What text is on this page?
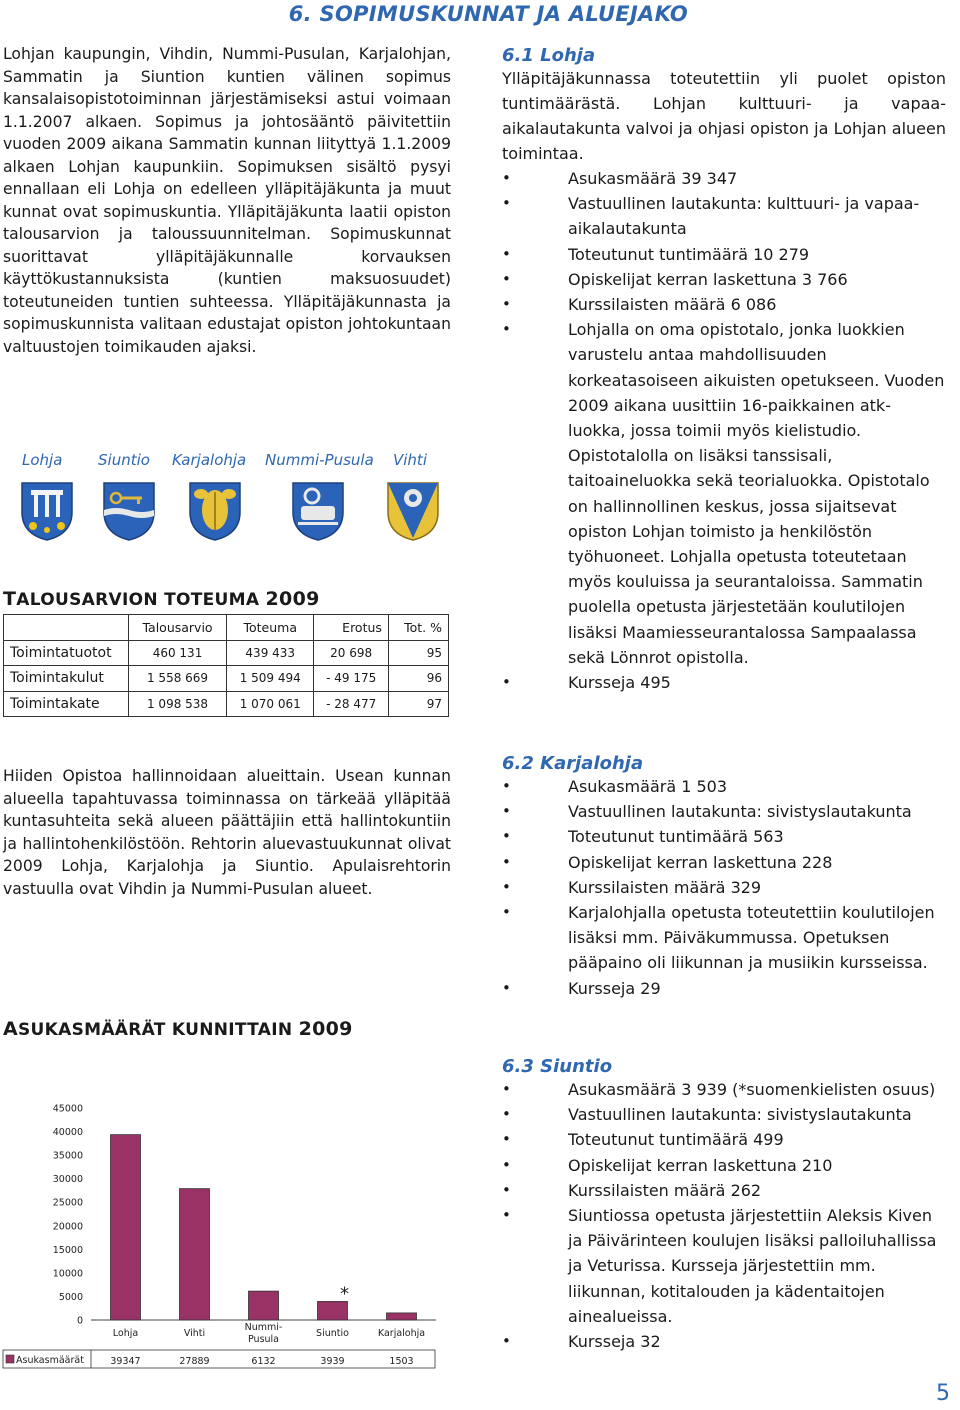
6. SOPIMUSKUNNAT JA ALUEJAKO
Lohjan kaupungin, Vihdin, Nummi-Pusulan, Karjalohjan, Sammatin ja Siuntion kuntien välinen sopimus kansalaisopistotoiminnan järjestämiseksi astui voimaan 1.1.2007 alkaen. Sopimus ja johtosääntö päivitettiin vuoden 2009 aikana Sammatin kunnan liityttyä 1.1.2009 alkaen Lohjan kaupunkiin. Sopimuksen sisältö pysyi ennallaan eli Lohja on edelleen ylläpitäjäkunta ja muut kunnat ovat sopimuskuntia. Ylläpitäjäkunta laatii opiston talousarvion ja taloussuunnitelman. Sopimuskunnat suorittavat ylläpitäjäkunnalle korvauksen käyttökustannuksista (kuntien maksuosuudet) toteutuneiden tuntien suhteessa. Ylläpitäjäkunnasta ja sopimuskunnista valitaan edustajat opiston johtokuntaan valtuustojen toimikauden ajaksi.
Lohja Siuntio Karjalohja Nummi-Pusula Vihti
TALOUSARVION TOTEUMA 2009
	Talousarvio	Toteuma	Erotus	Tot. %
Toimintatuotot	460 131	439 433	20 698	95
Toimintakulut	1 558 669	1 509 494	- 49 175	96
Toimintakate	1 098 538	1 070 061	- 28 477	97
Hiiden Opistoa hallinnoidaan alueittain. Usean kunnan alueella tapahtuvassa toiminnassa on tärkeää ylläpitää kuntasuhteita sekä alueen päättäjiin että hallintokuntiin ja hallintohenkilöstöön. Rehtorin aluevastuukunnat olivat 2009 Lohja, Karjalohja ja Siuntio. Apulaisrehtorin vastuulla ovat Vihdin ja Nummi-Pusulan alueet.
ASUKASMÄÄRÄT KUNNITTAIN 2009
0
5000
10000
15000
20000
25000
30000
35000
40000
45000
Lohja
39347
Vihti
27889
Nummi-Pusula
6132
Siuntio
3939
*
Karjalohja
1503
Asukasmäärät
6.1 Lohja
Ylläpitäjäkunnassa toteutettiin yli puolet opiston tuntimäärästä. Lohjan kulttuuri- ja vapaa-aikalautakunta valvoi ja ohjasi opiston ja Lohjan alueen toimintaa.
• Asukasmäärä 39 347
• Vastuullinen lautakunta: kulttuuri- ja vapaa- aikalautakunta
• Toteutunut tuntimäärä 10 279
• Opiskelijat kerran laskettuna 3 766
• Kurssilaisten määrä 6 086
• Lohjalla on oma opistotalo, jonka luokkien varustelu antaa mahdollisuuden korkeatasoiseen aikuisten opetukseen. Vuoden 2009 aikana uusittiin 16-paikkainen atk-luokka, jossa toimii myös kielistudio. Opistotalolla on lisäksi tanssisali, taitoaineluokka sekä teorialuokka. Opistotalo on hallinnollinen keskus, jossa sijaitsevat opiston Lohjan toimisto ja henkilöstön työhuoneet. Lohjalla opetusta toteutetaan myös kouluissa ja seurantaloissa. Sammatin puolella opetusta järjestetään koulutilojen lisäksi Maamiesseurantalossa Sampaalassa sekä Lönnrot opistolla.
• Kursseja 495
6.2 Karjalohja
• Asukasmäärä 1 503
• Vastuullinen lautakunta: sivistyslautakunta
• Toteutunut tuntimäärä 563
• Opiskelijat kerran laskettuna 228
• Kurssilaisten määrä 329
• Karjalohjalla opetusta toteutettiin koulutilojen lisäksi mm. Päiväkummussa. Opetuksen pääpaino oli liikunnan ja musiikin kursseissa.
• Kursseja 29
6.3 Siuntio
• Asukasmäärä 3 939 (*suomenkielisten osuus)
• Vastuullinen lautakunta: sivistyslautakunta
• Toteutunut tuntimäärä 499
• Opiskelijat kerran laskettuna 210
• Kurssilaisten määrä 262
• Siuntiossa opetusta järjestettiin Aleksis Kiven ja Päivärinteen koulujen lisäksi palloiluhallissa ja Veturissa. Kursseja järjestettiin mm. liikunnan, kotitalouden ja kädentaitojen ainealueissa.
• Kursseja 32
5
